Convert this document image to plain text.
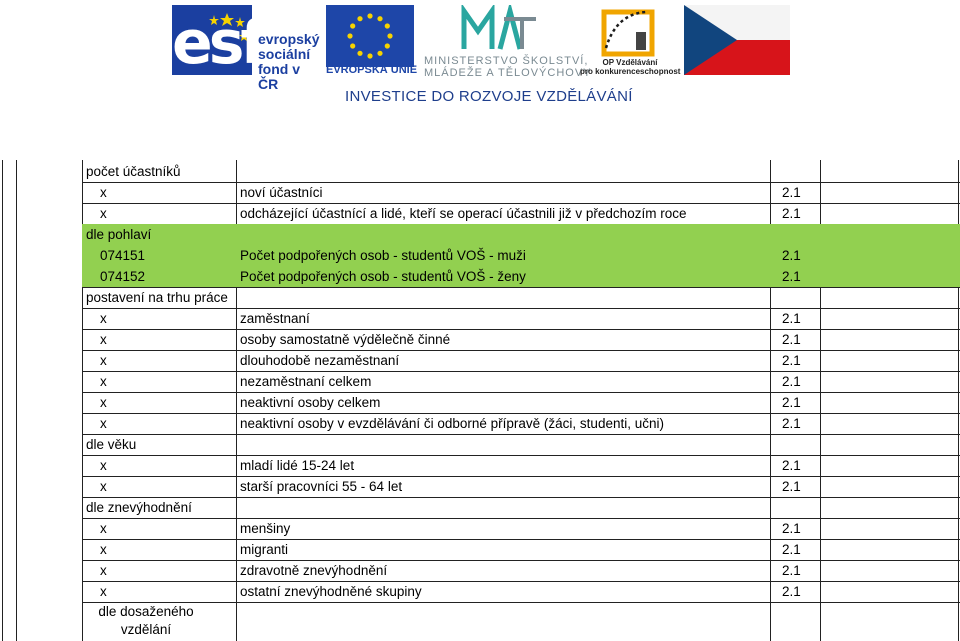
esf
evropský
sociální
fond v ČR
EVROPSKÁ UNIE
MINISTERSTVO ŠKOLSTVÍ,
MLÁDEŽE A TĚLOVÝCHOVY
OP Vzdělávání
pro konkurenceschopnost
INVESTICE DO ROZVOJE VZDĚLÁVÁNÍ
počet účastníků
x	noví účastníci	2.1
x	odcházející účastnící a lidé, kteří se operací účastnili již v předchozím roce	2.1
dle pohlaví
074151	Počet podpořených osob - studentů VOŠ - muži	2.1
074152	Počet podpořených osob - studentů VOŠ - ženy	2.1
postavení na trhu práce
x	zaměstnaní	2.1
x	osoby samostatně výdělečně činné	2.1
x	dlouhodobě nezaměstnaní	2.1
x	nezaměstnaní celkem	2.1
x	neaktivní osoby celkem	2.1
x	neaktivní osoby v evzdělávání či odborné přípravě (žáci, studenti, učni)	2.1
dle věku
x	mladí lidé 15-24 let	2.1
x	starší pracovníci 55 - 64 let	2.1
dle znevýhodnění
x	menšiny	2.1
x	migranti	2.1
x	zdravotně znevýhodnění	2.1
x	ostatní znevýhodněné skupiny	2.1
dle dosaženého
vzdělání
